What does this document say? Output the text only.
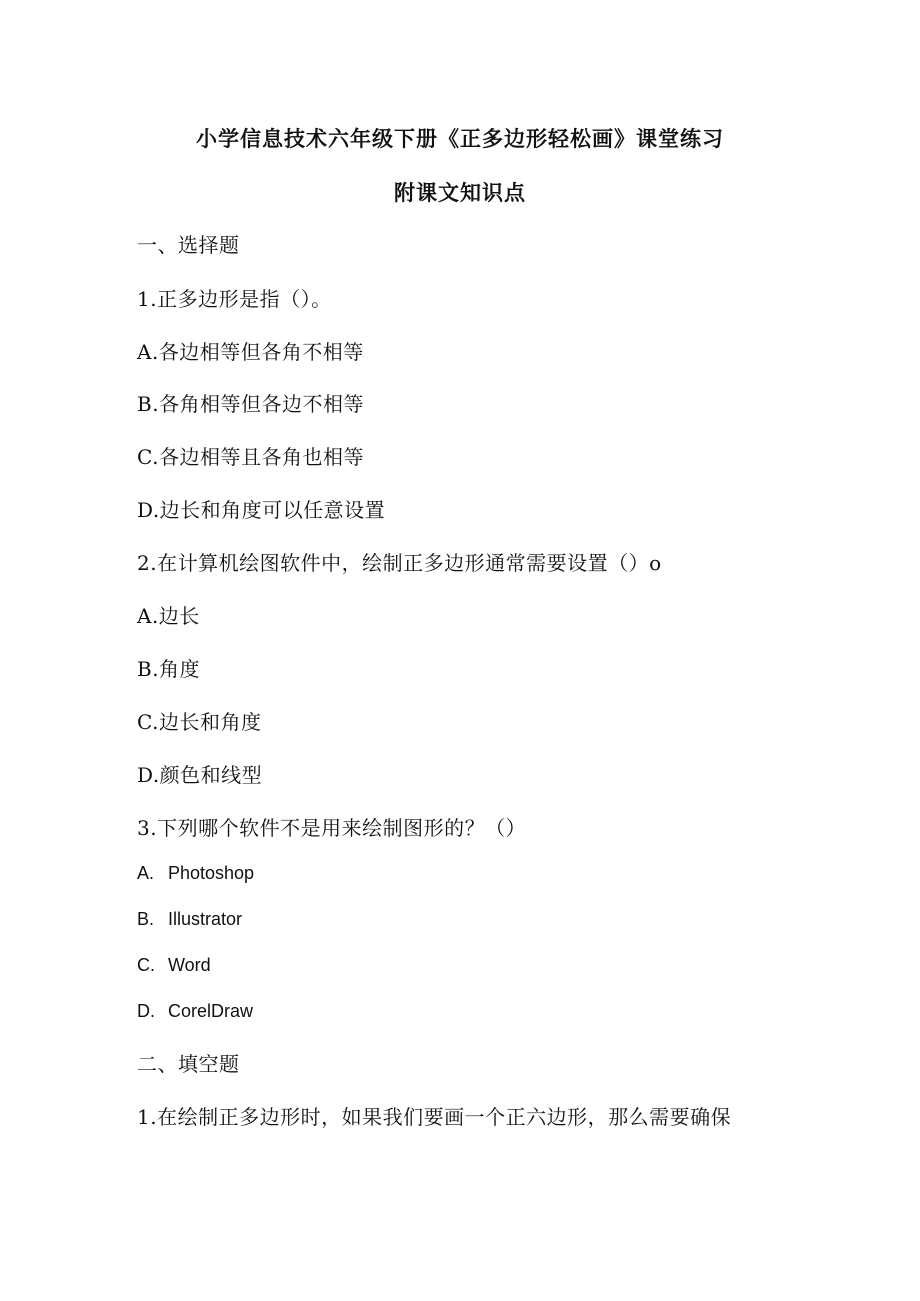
小学信息技术六年级下册《正多边形轻松画》课堂练习
附课文知识点
一、选择题
1.正多边形是指（）。
A.各边相等但各角不相等
B.各角相等但各边不相等
C.各边相等且各角也相等
D.边长和角度可以任意设置
2.在计算机绘图软件中，绘制正多边形通常需要设置（）o
A.边长
B.角度
C.边长和角度
D.颜色和线型
3.下列哪个软件不是用来绘制图形的？（）
A. Photoshop
B. Illustrator
C. Word
D. CorelDraw
二、填空题
1.在绘制正多边形时，如果我们要画一个正六边形，那么需要确保
